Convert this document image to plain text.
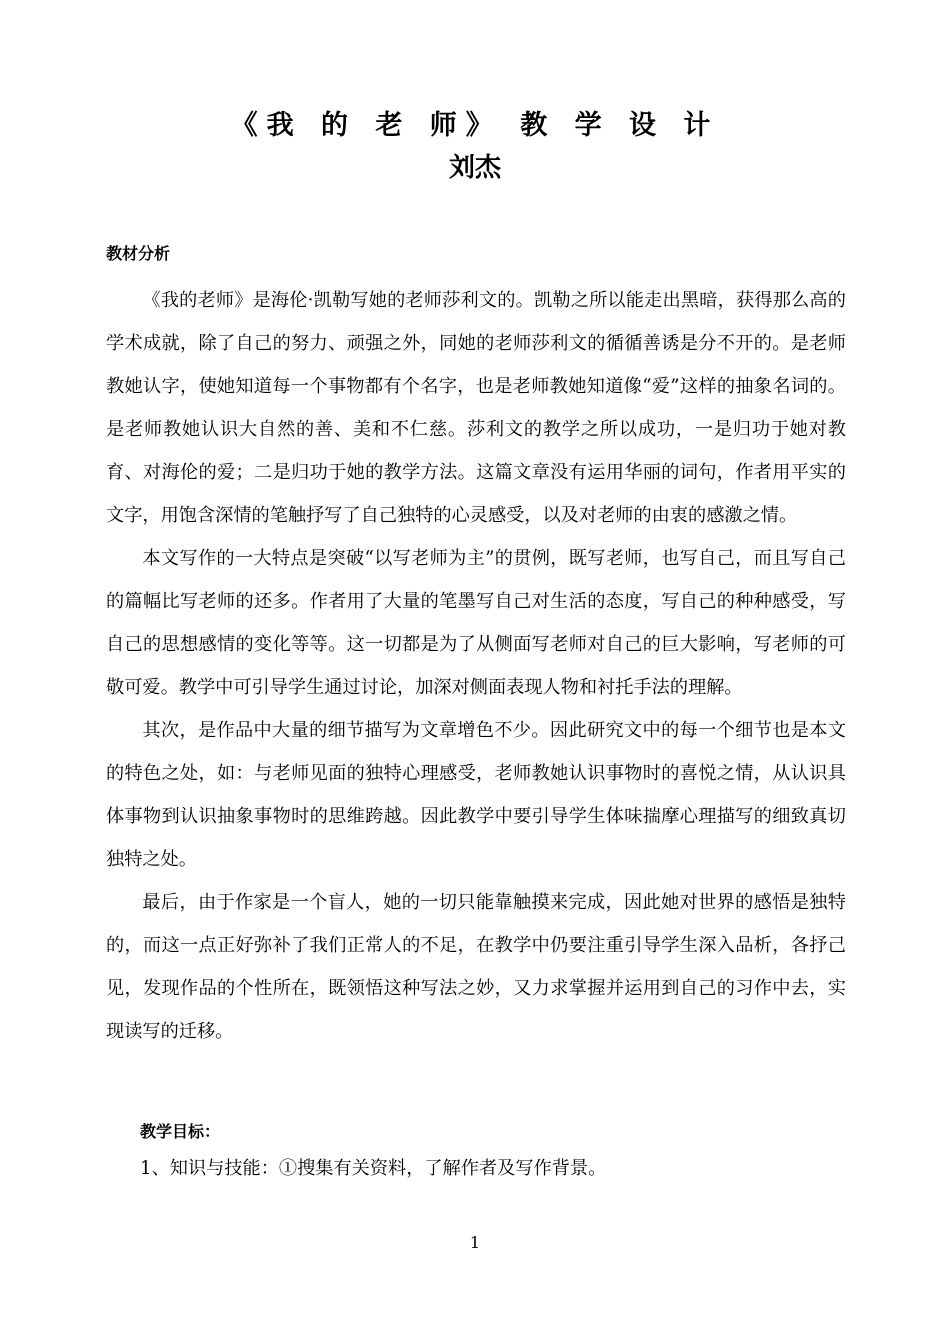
《我 的 老 师》 教 学 设 计
刘杰
教材分析

《我的老师》是海伦·凯勒写她的老师莎利文的。凯勒之所以能走出黑暗，获得那么高的学术成就，除了自己的努力、顽强之外，同她的老师莎利文的循循善诱是分不开的。是老师教她认字，使她知道每一个事物都有个名字，也是老师教她知道像“爱”这样的抽象名词的。是老师教她认识大自然的善、美和不仁慈。莎利文的教学之所以成功，一是归功于她对教育、对海伦的爱；二是归功于她的教学方法。这篇文章没有运用华丽的词句，作者用平实的文字，用饱含深情的笔触抒写了自己独特的心灵感受，以及对老师的由衷的感激之情。

本文写作的一大特点是突破“以写老师为主”的贯例，既写老师，也写自己，而且写自己的篇幅比写老师的还多。作者用了大量的笔墨写自己对生活的态度，写自己的种种感受，写自己的思想感情的变化等等。这一切都是为了从侧面写老师对自己的巨大影响，写老师的可敬可爱。教学中可引导学生通过讨论，加深对侧面表现人物和衬托手法的理解。

其次，是作品中大量的细节描写为文章增色不少。因此研究文中的每一个细节也是本文的特色之处，如：与老师见面的独特心理感受，老师教她认识事物时的喜悦之情，从认识具体事物到认识抽象事物时的思维跨越。因此教学中要引导学生体味揣摩心理描写的细致真切独特之处。

最后，由于作家是一个盲人，她的一切只能靠触摸来完成，因此她对世界的感悟是独特的，而这一点正好弥补了我们正常人的不足，在教学中仍要注重引导学生深入品析，各抒己见，发现作品的个性所在，既领悟这种写法之妙，又力求掌握并运用到自己的习作中去，实现读写的迁移。

教学目标：
1、知识与技能：①搜集有关资料，了解作者及写作背景。
1
